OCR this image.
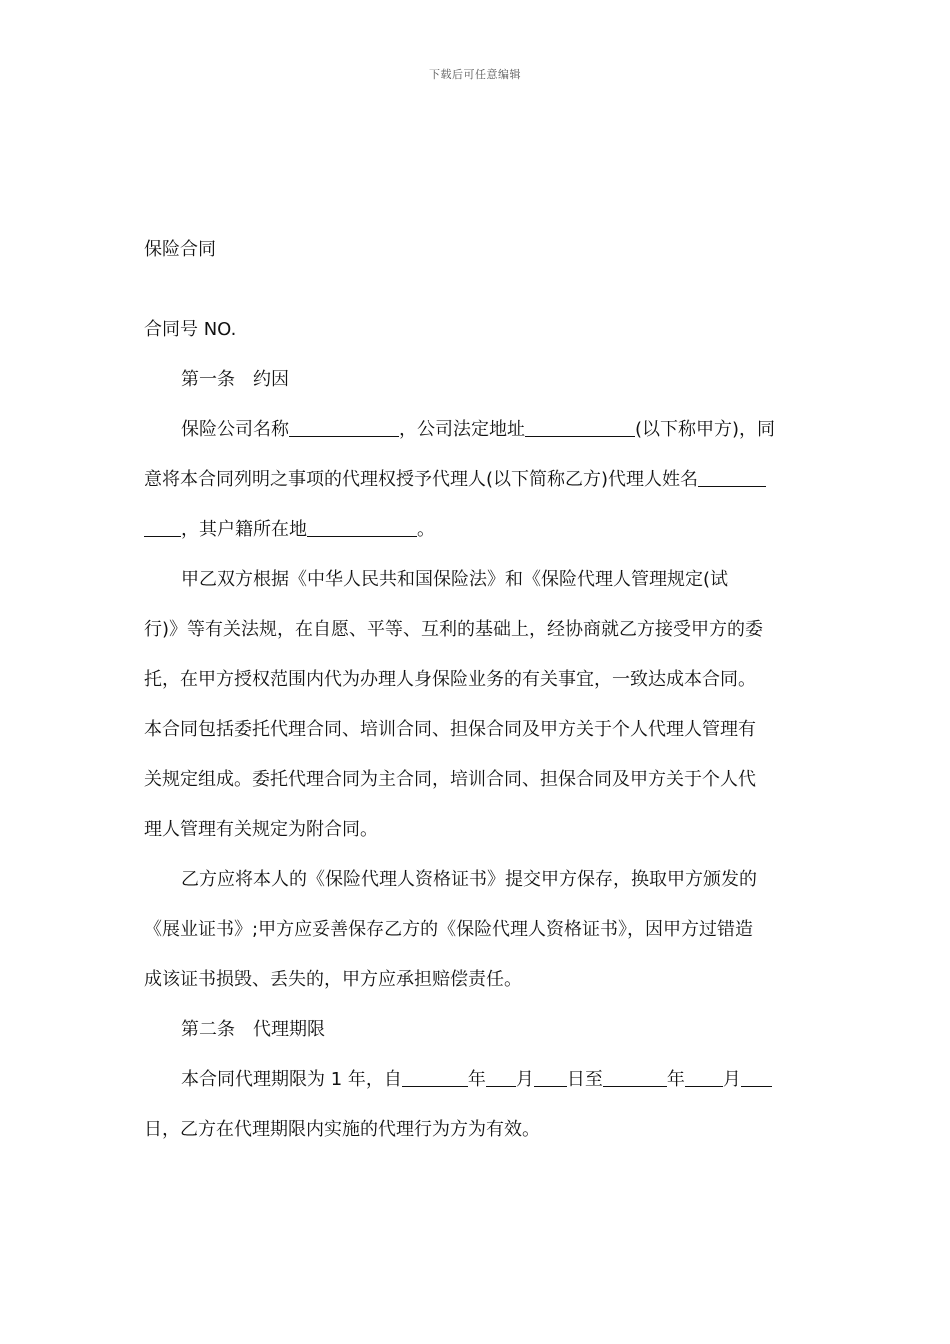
下载后可任意编辑
保险合同
合同号 NO.
第一条 约因
保险公司名称	，公司法定地址	(以下称甲方)，同
意将本合同列明之事项的代理权授予代理人(以下简称乙方)代理人姓名
，其户籍所在地	。
甲乙双方根据《中华人民共和国保险法》和《保险代理人管理规定(试
行)》等有关法规，在自愿、平等、互利的基础上，经协商就乙方接受甲方的委
托，在甲方授权范围内代为办理人身保险业务的有关事宜，一致达成本合同。
本合同包括委托代理合同、培训合同、担保合同及甲方关于个人代理人管理有
关规定组成。委托代理合同为主合同，培训合同、担保合同及甲方关于个人代
理人管理有关规定为附合同。
乙方应将本人的《保险代理人资格证书》提交甲方保存，换取甲方颁发的
《展业证书》;甲方应妥善保存乙方的《保险代理人资格证书》，因甲方过错造
成该证书损毁、丢失的，甲方应承担赔偿责任。
第二条 代理期限
本合同代理期限为 1 年，自	年 月 日至	年 月
日，乙方在代理期限内实施的代理行为方为有效。
